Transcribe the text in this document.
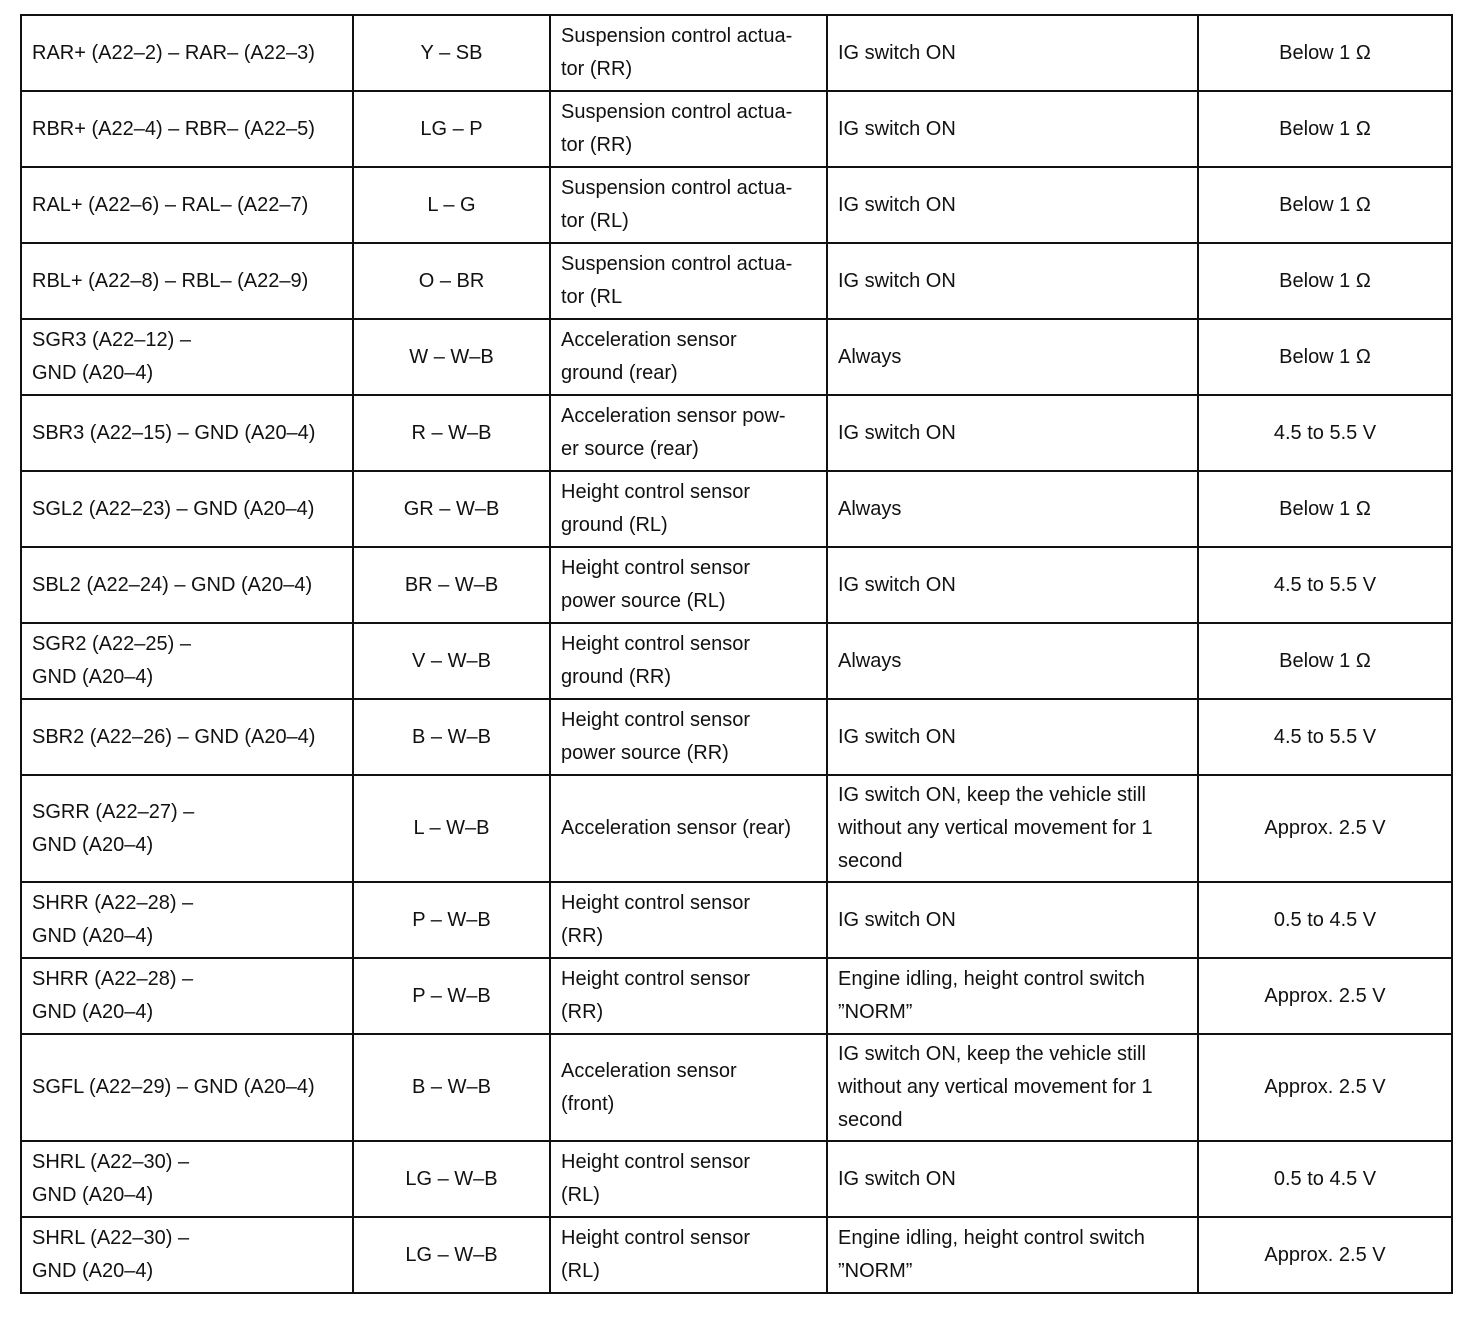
RAR+ (A22–2) – RAR– (A22–3)	Y – SB	Suspension control actua-
tor (RR)	IG switch ON	Below 1 Ω
RBR+ (A22–4) – RBR– (A22–5)	LG – P	Suspension control actua-
tor (RR)	IG switch ON	Below 1 Ω
RAL+ (A22–6) – RAL– (A22–7)	L – G	Suspension control actua-
tor (RL)	IG switch ON	Below 1 Ω
RBL+ (A22–8) – RBL– (A22–9)	O – BR	Suspension control actua-
tor (RL	IG switch ON	Below 1 Ω
SGR3 (A22–12) –
GND (A20–4)	W – W–B	Acceleration sensor
ground (rear)	Always	Below 1 Ω
SBR3 (A22–15) – GND (A20–4)	R – W–B	Acceleration sensor pow-
er source (rear)	IG switch ON	4.5 to 5.5 V
SGL2 (A22–23) – GND (A20–4)	GR – W–B	Height control sensor
ground (RL)	Always	Below 1 Ω
SBL2 (A22–24) – GND (A20–4)	BR – W–B	Height control sensor
power source (RL)	IG switch ON	4.5 to 5.5 V
SGR2 (A22–25) –
GND (A20–4)	V – W–B	Height control sensor
ground (RR)	Always	Below 1 Ω
SBR2 (A22–26) – GND (A20–4)	B – W–B	Height control sensor
power source (RR)	IG switch ON	4.5 to 5.5 V
SGRR (A22–27) –
GND (A20–4)	L – W–B	Acceleration sensor (rear)	IG switch ON, keep the vehicle still
without any vertical movement for 1
second	Approx. 2.5 V
SHRR (A22–28) –
GND (A20–4)	P – W–B	Height control sensor
(RR)	IG switch ON	0.5 to 4.5 V
SHRR (A22–28) –
GND (A20–4)	P – W–B	Height control sensor
(RR)	Engine idling, height control switch
”NORM”	Approx. 2.5 V
SGFL (A22–29) – GND (A20–4)	B – W–B	Acceleration sensor
(front)	IG switch ON, keep the vehicle still
without any vertical movement for 1
second	Approx. 2.5 V
SHRL (A22–30) –
GND (A20–4)	LG – W–B	Height control sensor
(RL)	IG switch ON	0.5 to 4.5 V
SHRL (A22–30) –
GND (A20–4)	LG – W–B	Height control sensor
(RL)	Engine idling, height control switch
”NORM”	Approx. 2.5 V
